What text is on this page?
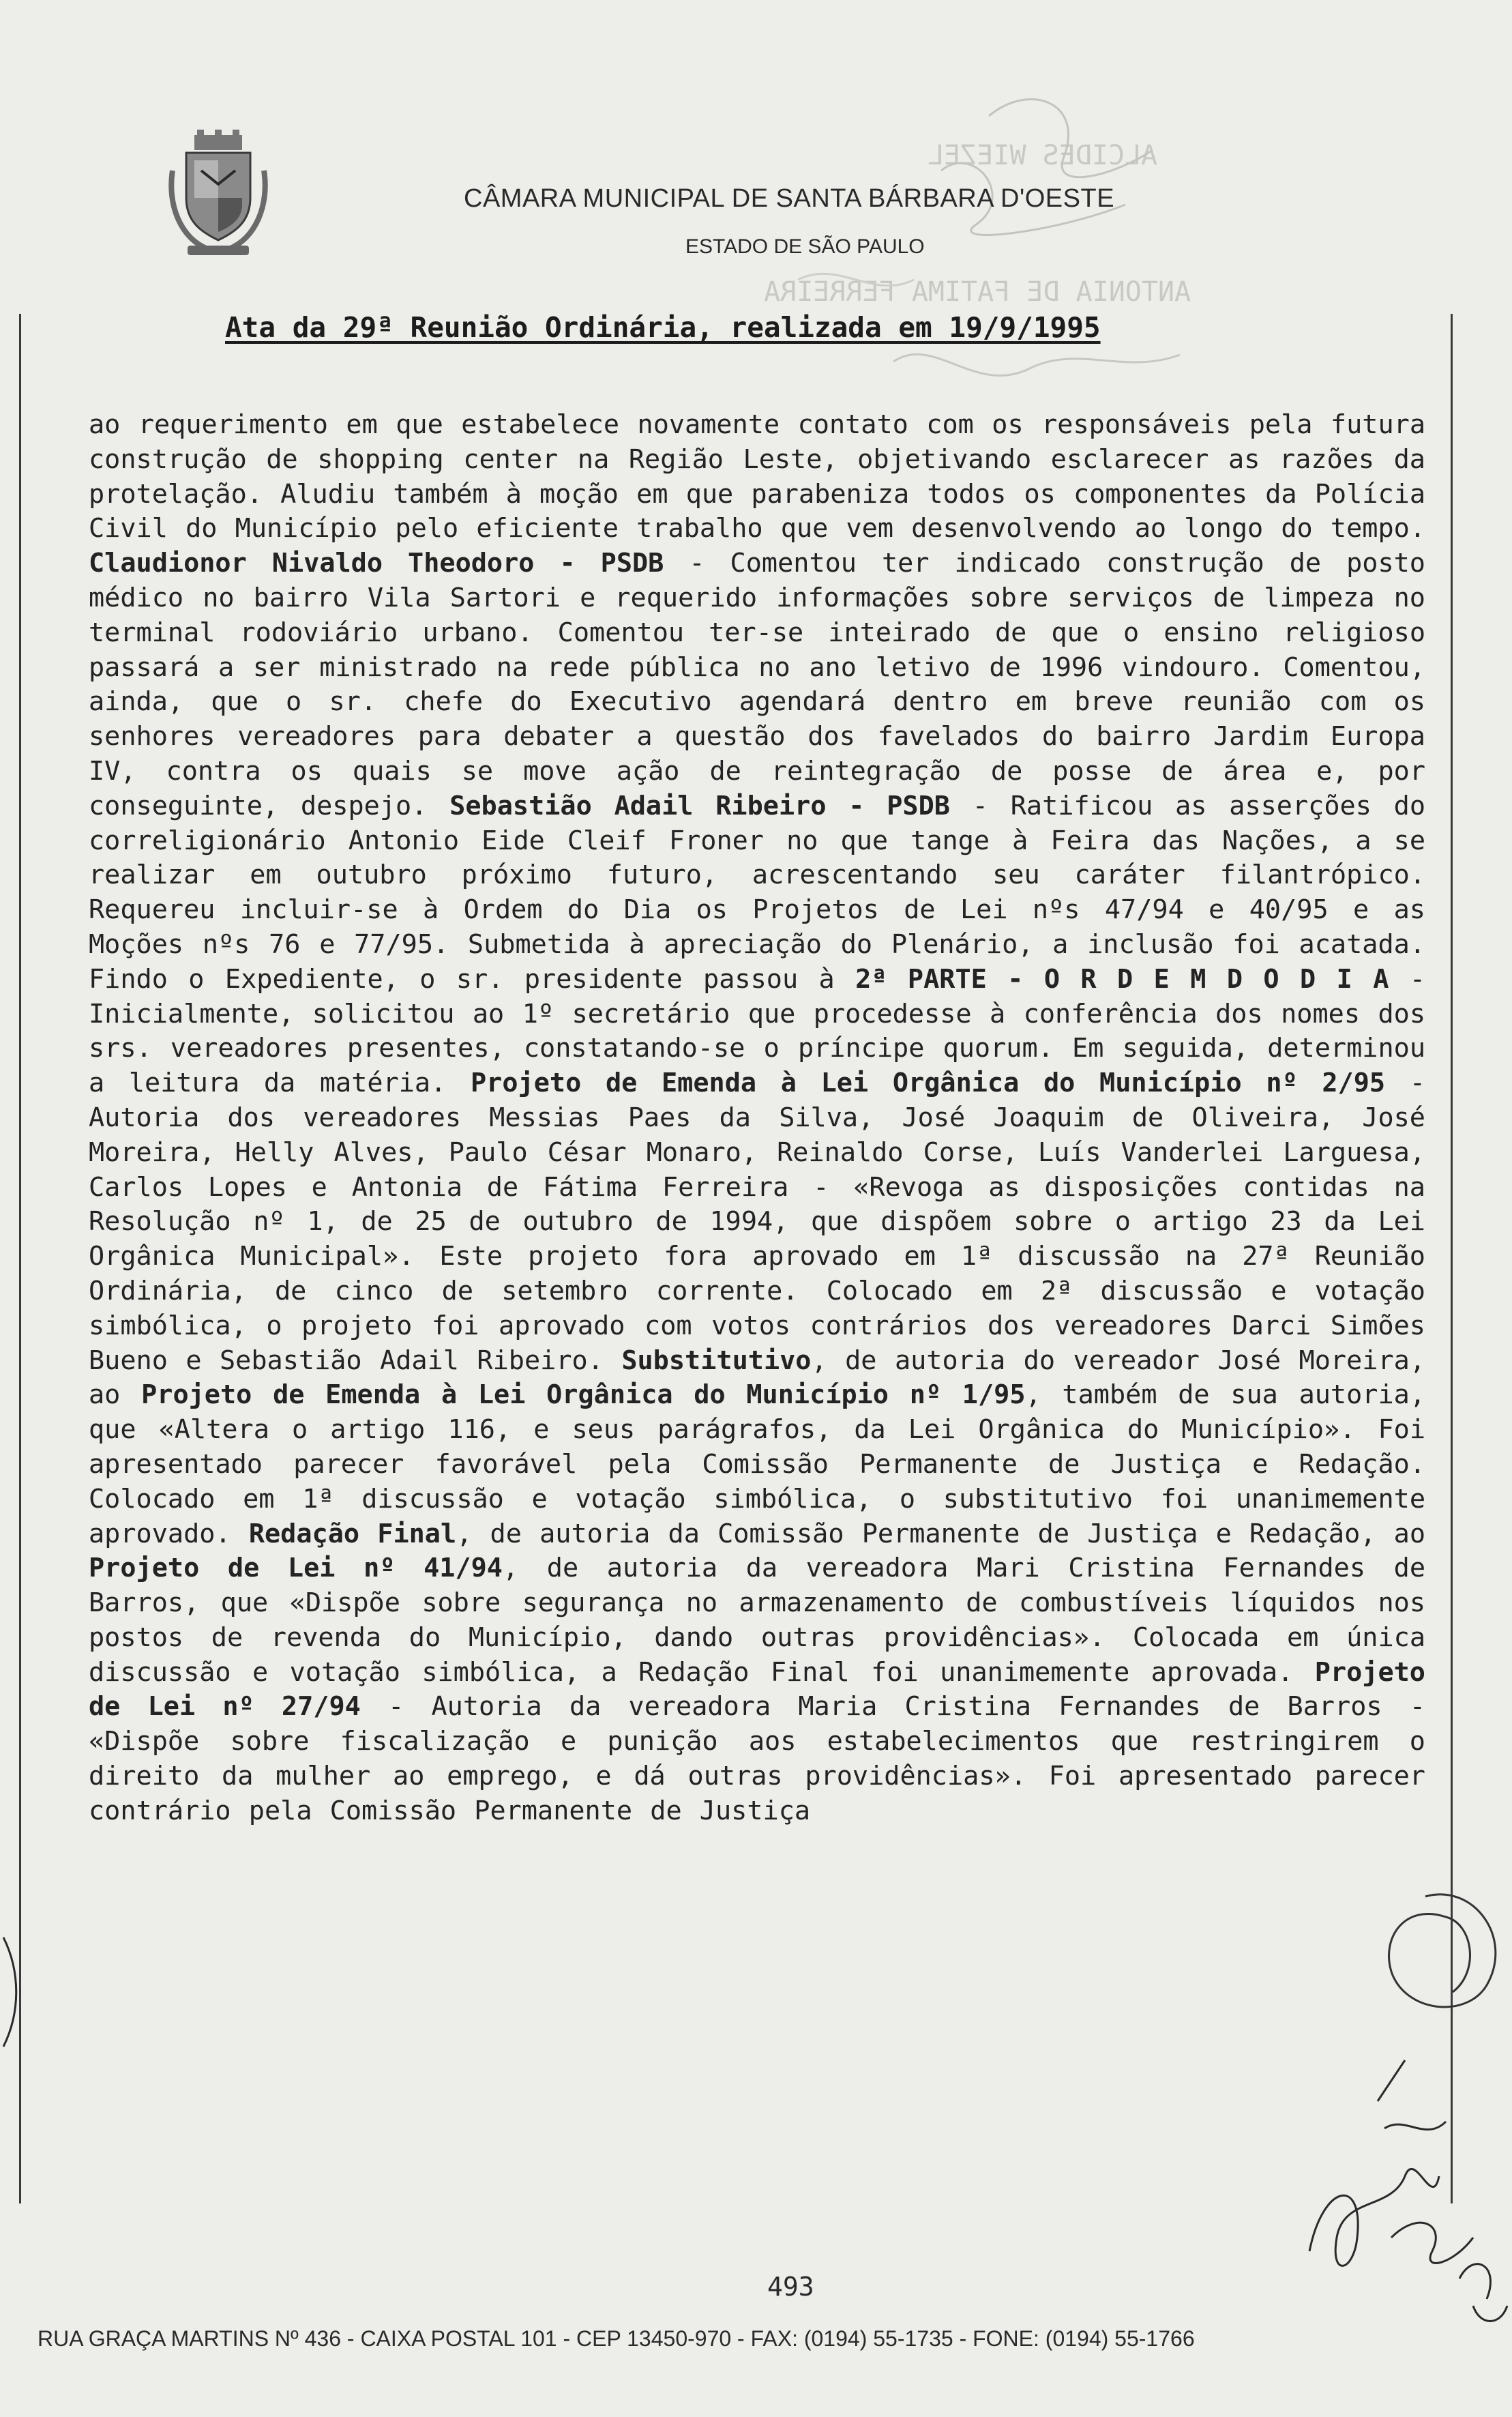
ALCIDES WIEZEL
ANTONIA DE FATIMA FERREIRA
CÂMARA MUNICIPAL DE SANTA BÁRBARA D'OESTE
ESTADO DE SÃO PAULO
Ata da 29ª Reunião Ordinária, realizada em 19/9/1995
ao requerimento em que estabelece novamente contato com os responsáveis pela futura construção de shopping center na Região Leste, objetivando esclarecer as razões da protelação. Aludiu também à moção em que parabeniza todos os componentes da Polícia Civil do Município pelo eficiente trabalho que vem desenvolvendo ao longo do tempo. Claudionor Nivaldo Theodoro - PSDB - Comentou ter indicado construção de posto médico no bairro Vila Sartori e requerido informações sobre serviços de limpeza no terminal rodoviário urbano. Comentou ter-se inteirado de que o ensino religioso passará a ser ministrado na rede pública no ano letivo de 1996 vindouro. Comentou, ainda, que o sr. chefe do Executivo agendará dentro em breve reunião com os senhores vereadores para debater a questão dos favelados do bairro Jardim Europa IV, contra os quais se move ação de reintegração de posse de área e, por conseguinte, despejo. Sebastião Adail Ribeiro - PSDB - Ratificou as asserções do correligionário Antonio Eide Cleif Froner no que tange à Feira das Nações, a se realizar em outubro próximo futuro, acrescentando seu caráter filantrópico. Requereu incluir-se à Ordem do Dia os Projetos de Lei nºs 47/94 e 40/95 e as Moções nºs 76 e 77/95. Submetida à apreciação do Plenário, a inclusão foi acatada. Findo o Expediente, o sr. presidente passou à 2ª PARTE - O R D E M D O D I A - Inicialmente, solicitou ao 1º secretário que procedesse à conferência dos nomes dos srs. vereadores presentes, constatando-se o príncipe quorum. Em seguida, determinou a leitura da matéria. Projeto de Emenda à Lei Orgânica do Município nº 2/95 - Autoria dos vereadores Messias Paes da Silva, José Joaquim de Oliveira, José Moreira, Helly Alves, Paulo César Monaro, Reinaldo Corse, Luís Vanderlei Larguesa, Carlos Lopes e Antonia de Fátima Ferreira - «Revoga as disposições contidas na Resolução nº 1, de 25 de outubro de 1994, que dispõem sobre o artigo 23 da Lei Orgânica Municipal». Este projeto fora aprovado em 1ª discussão na 27ª Reunião Ordinária, de cinco de setembro corrente. Colocado em 2ª discussão e votação simbólica, o projeto foi aprovado com votos contrários dos vereadores Darci Simões Bueno e Sebastião Adail Ribeiro. Substitutivo, de autoria do vereador José Moreira, ao Projeto de Emenda à Lei Orgânica do Município nº 1/95, também de sua autoria, que «Altera o artigo 116, e seus parágrafos, da Lei Orgânica do Município». Foi apresentado parecer favorável pela Comissão Permanente de Justiça e Redação. Colocado em 1ª discussão e votação simbólica, o substitutivo foi unanimemente aprovado. Redação Final, de autoria da Comissão Permanente de Justiça e Redação, ao Projeto de Lei nº 41/94, de autoria da vereadora Mari Cristina Fernandes de Barros, que «Dispõe sobre segurança no armazenamento de combustíveis líquidos nos postos de revenda do Município, dando outras providências». Colocada em única discussão e votação simbólica, a Redação Final foi unanimemente aprovada. Projeto de Lei nº 27/94 - Autoria da vereadora Maria Cristina Fernandes de Barros - «Dispõe sobre fiscalização e punição aos estabelecimentos que restringirem o direito da mulher ao emprego, e dá outras providências». Foi apresentado parecer contrário pela Comissão Permanente de Justiça
493
RUA GRAÇA MARTINS Nº 436 - CAIXA POSTAL 101 - CEP 13450-970 - FAX: (0194) 55-1735 - FONE: (0194) 55-1766
